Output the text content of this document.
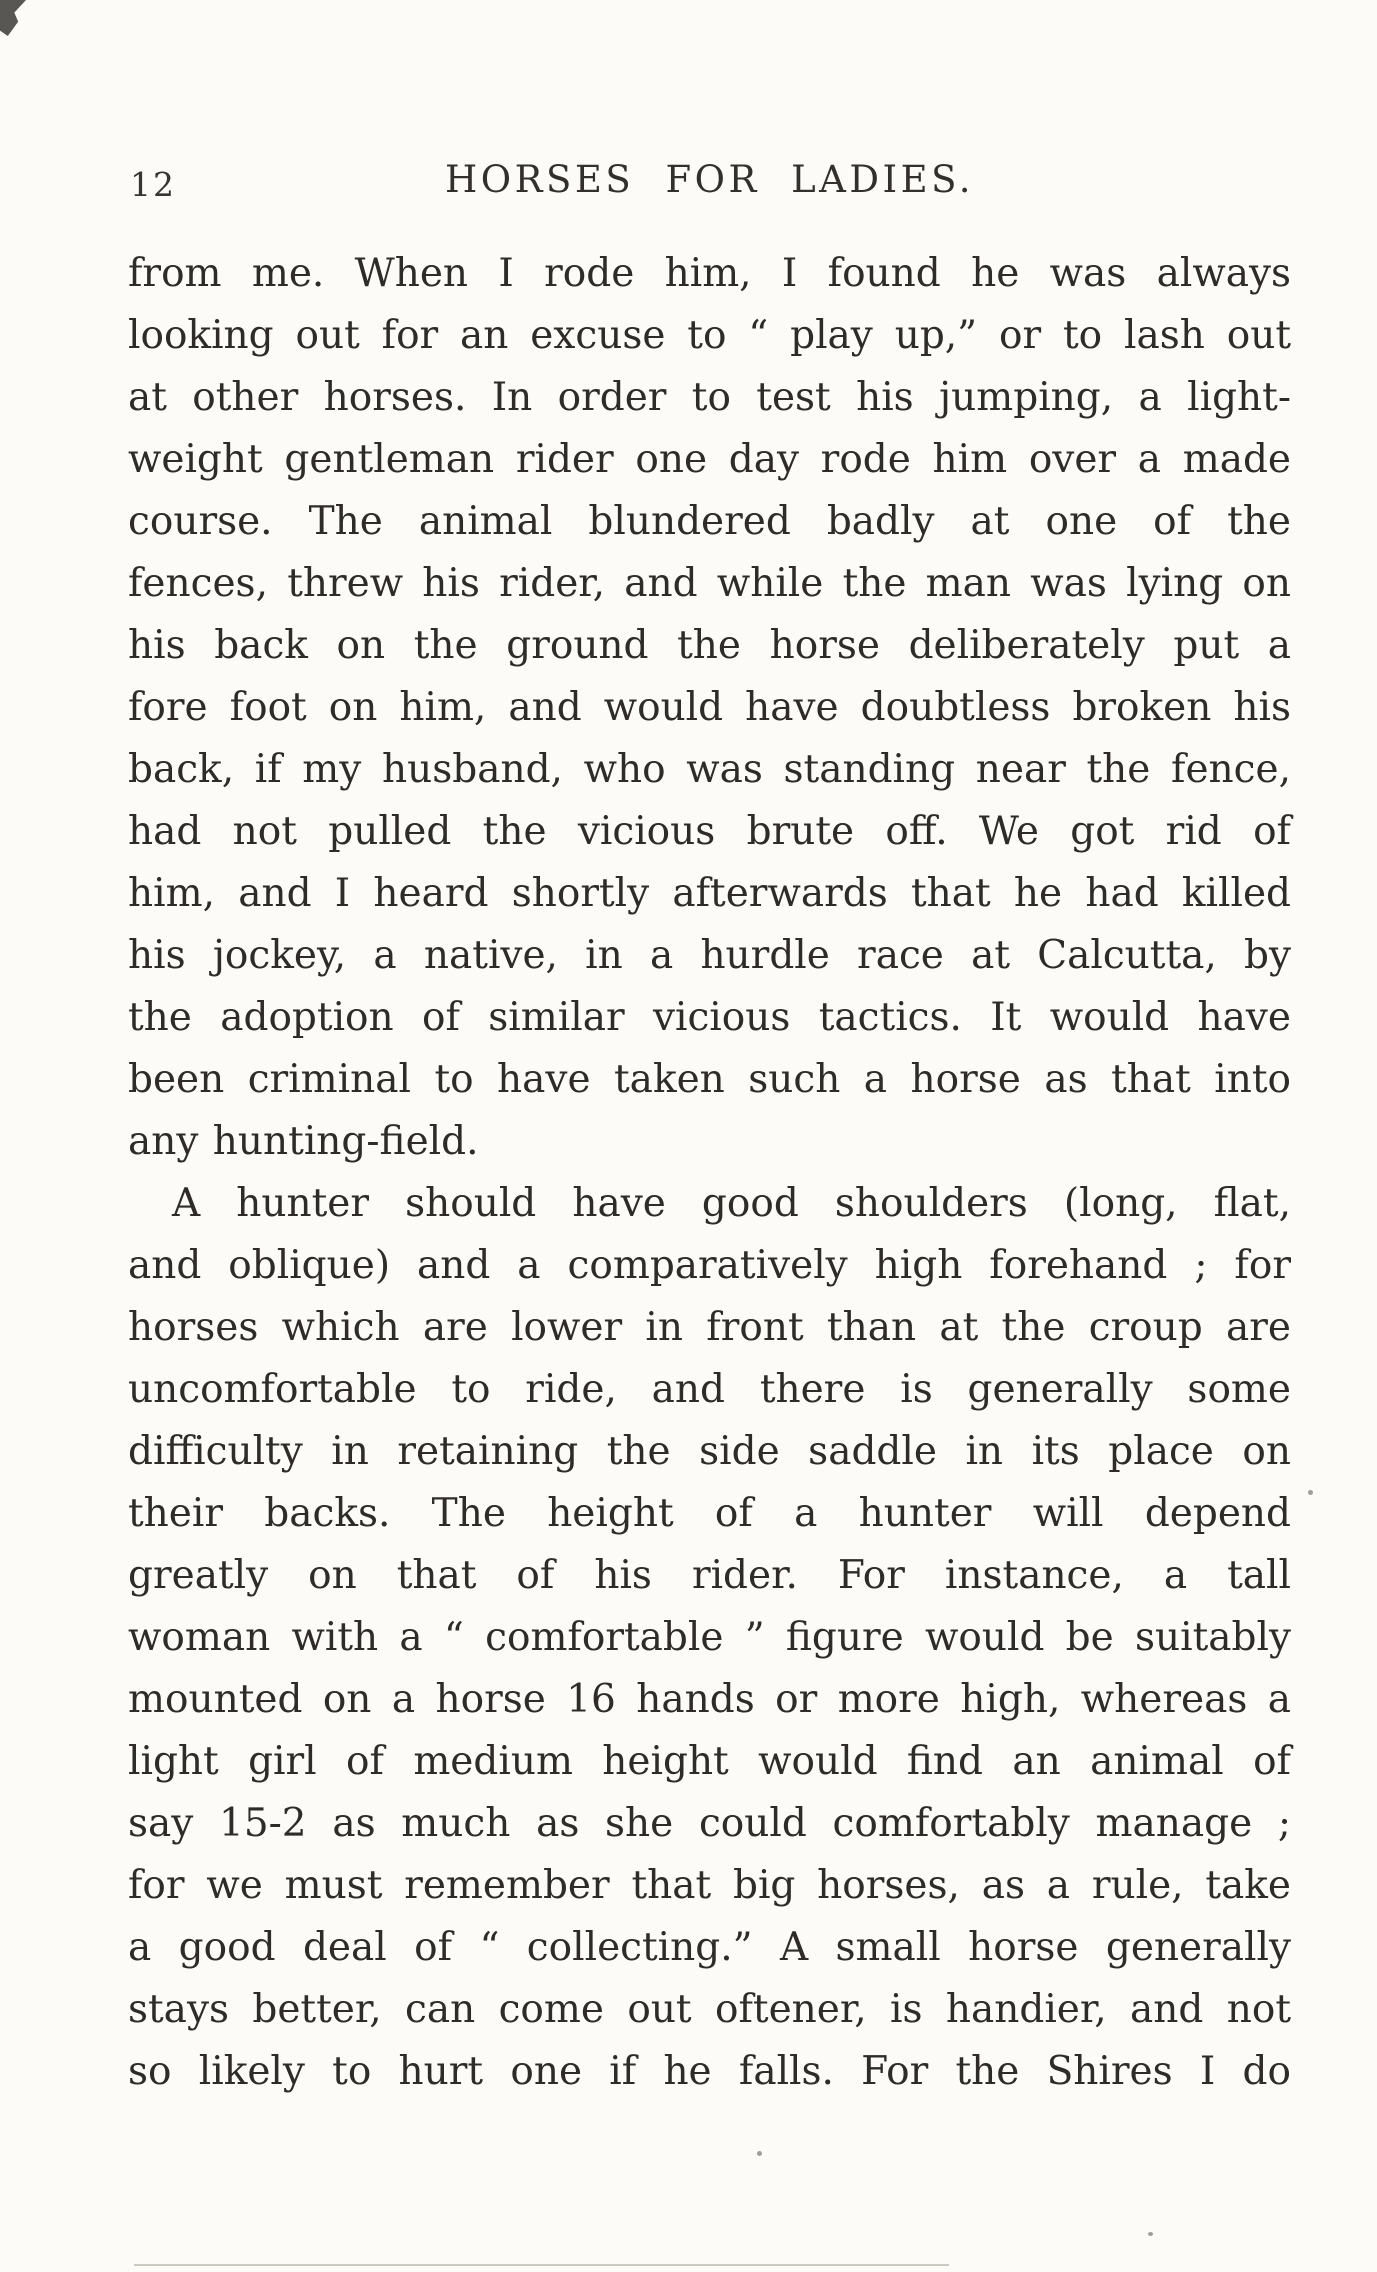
12	HORSES FOR LADIES.
from me. When I rode him, I found he was always
looking out for an excuse to “ play up,” or to lash out
at other horses. In order to test his jumping, a light-
weight gentleman rider one day rode him over a made
course. The animal blundered badly at one of the
fences, threw his rider, and while the man was lying on
his back on the ground the horse deliberately put a
fore foot on him, and would have doubtless broken his
back, if my husband, who was standing near the fence,
had not pulled the vicious brute off. We got rid of
him, and I heard shortly afterwards that he had killed
his jockey, a native, in a hurdle race at Calcutta, by
the adoption of similar vicious tactics. It would have
been criminal to have taken such a horse as that into
any hunting-field.
A hunter should have good shoulders (long, flat,
and oblique) and a comparatively high forehand ; for
horses which are lower in front than at the croup are
uncomfortable to ride, and there is generally some
difficulty in retaining the side saddle in its place on
their backs. The height of a hunter will depend
greatly on that of his rider. For instance, a tall
woman with a “ comfortable ” figure would be suitably
mounted on a horse 16 hands or more high, whereas a
light girl of medium height would find an animal of
say 15-2 as much as she could comfortably manage ;
for we must remember that big horses, as a rule, take
a good deal of “ collecting.” A small horse generally
stays better, can come out oftener, is handier, and not
so likely to hurt one if he falls. For the Shires I do
